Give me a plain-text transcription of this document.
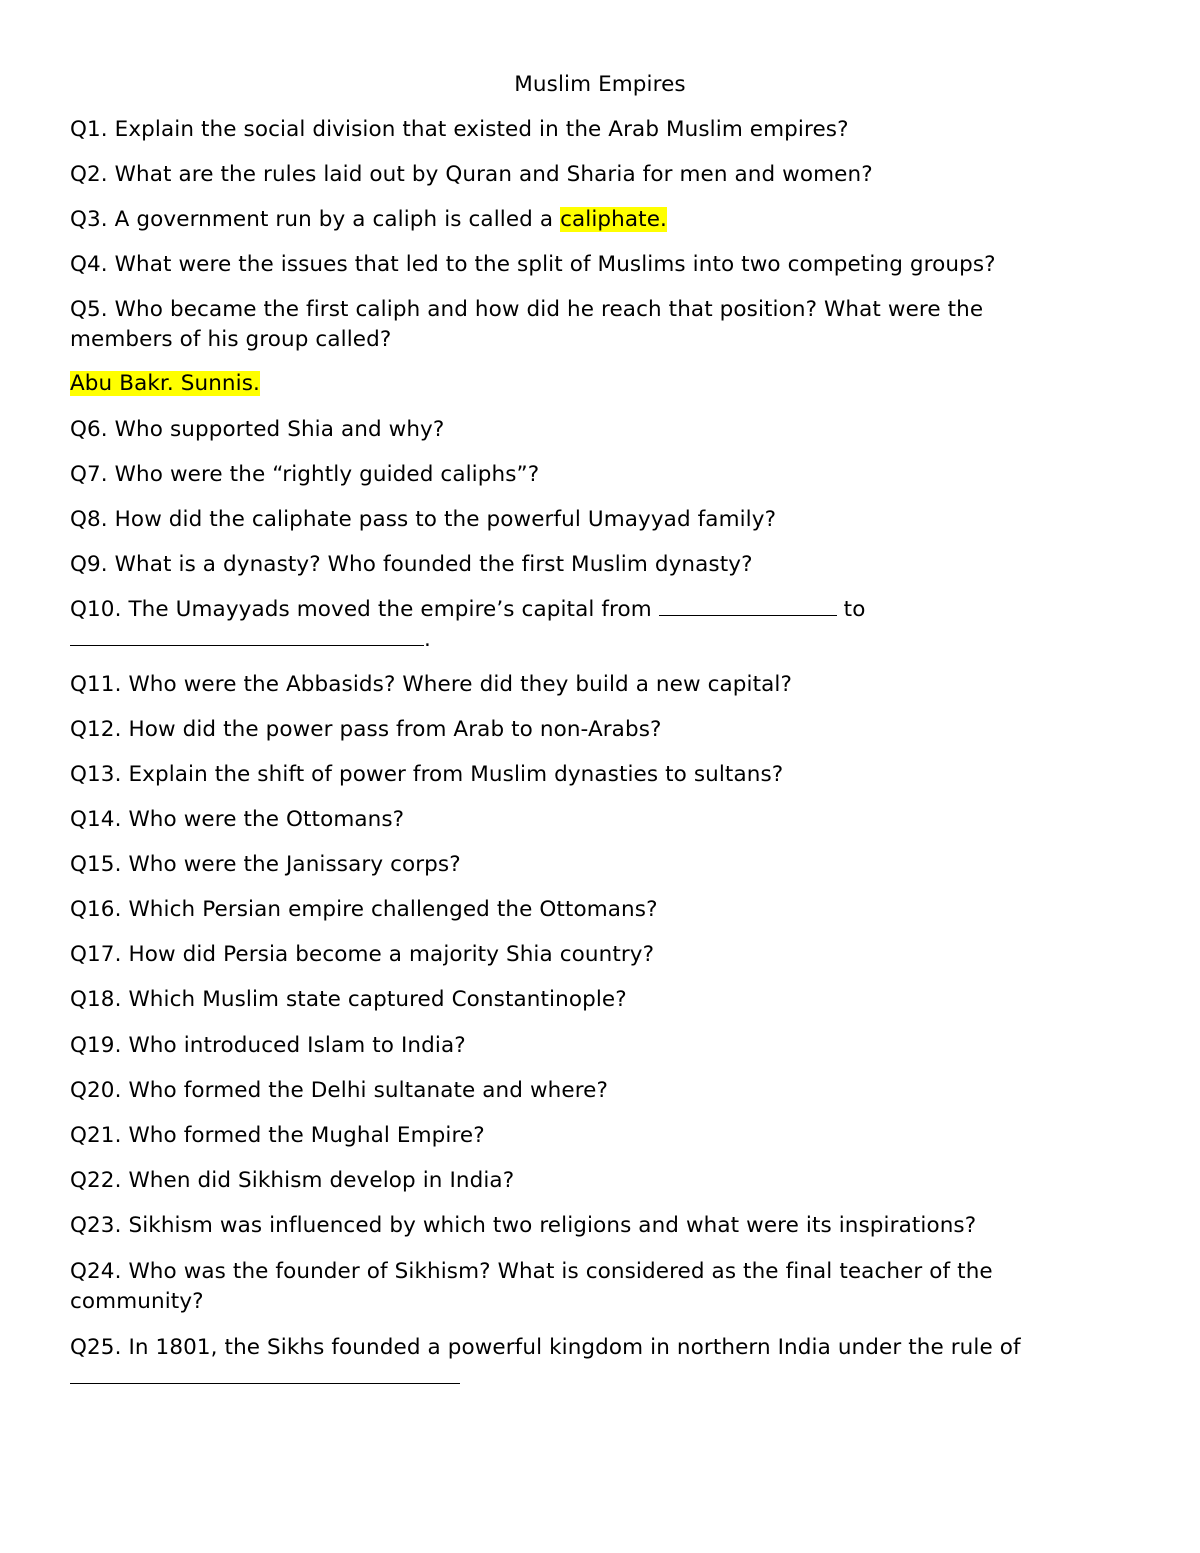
Muslim Empires

Q1. Explain the social division that existed in the Arab Muslim empires?

Q2. What are the rules laid out by Quran and Sharia for men and women?

Q3. A government run by a caliph is called a caliphate.

Q4. What were the issues that led to the split of Muslims into two competing groups?

Q5. Who became the first caliph and how did he reach that position? What were the

members of his group called?

Abu Bakr. Sunnis.

Q6. Who supported Shia and why?

Q7. Who were the “rightly guided caliphs”?

Q8. How did the caliphate pass to the powerful Umayyad family?

Q9. What is a dynasty? Who founded the first Muslim dynasty?

Q10. The Umayyads moved the empire’s capital from	to

.

Q11. Who were the Abbasids? Where did they build a new capital?

Q12. How did the power pass from Arab to non-Arabs?

Q13. Explain the shift of power from Muslim dynasties to sultans?

Q14. Who were the Ottomans?

Q15. Who were the Janissary corps?

Q16. Which Persian empire challenged the Ottomans?

Q17. How did Persia become a majority Shia country?

Q18. Which Muslim state captured Constantinople?

Q19. Who introduced Islam to India?

Q20. Who formed the Delhi sultanate and where?

Q21. Who formed the Mughal Empire?

Q22. When did Sikhism develop in India?

Q23. Sikhism was influenced by which two religions and what were its inspirations?

Q24. Who was the founder of Sikhism? What is considered as the final teacher of the

community?

Q25. In 1801, the Sikhs founded a powerful kingdom in northern India under the rule of
